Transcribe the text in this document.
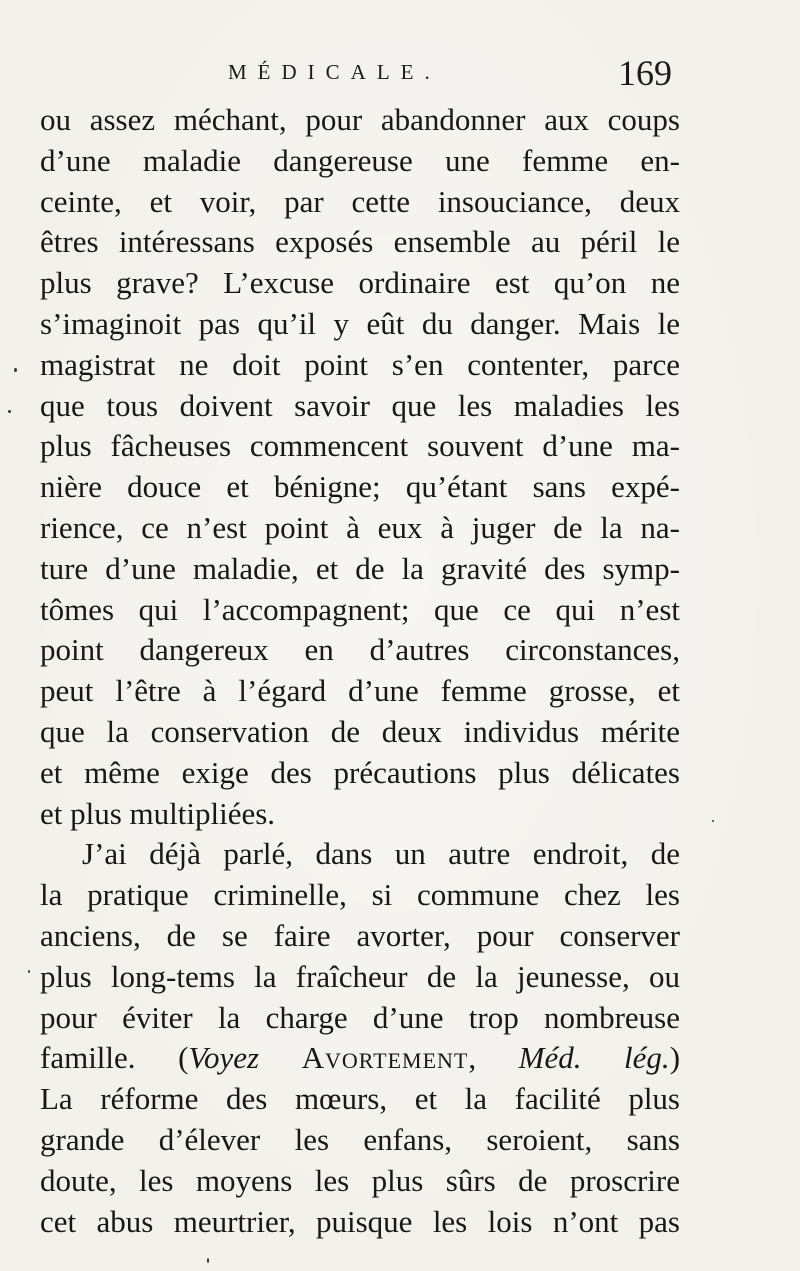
MÉDICALE.	169
ou assez méchant, pour abandonner aux coups
d’une maladie dangereuse une femme en-
ceinte, et voir, par cette insouciance, deux
êtres intéressans exposés ensemble au péril le
plus grave? L’excuse ordinaire est qu’on ne
s’imaginoit pas qu’il y eût du danger. Mais le
magistrat ne doit point s’en contenter, parce
que tous doivent savoir que les maladies les
plus fâcheuses commencent souvent d’une ma-
nière douce et bénigne; qu’étant sans expé-
rience, ce n’est point à eux à juger de la na-
ture d’une maladie, et de la gravité des symp-
tômes qui l’accompagnent; que ce qui n’est
point dangereux en d’autres circonstances,
peut l’être à l’égard d’une femme grosse, et
que la conservation de deux individus mérite
et même exige des précautions plus délicates
et plus multipliées.
J’ai déjà parlé, dans un autre endroit, de
la pratique criminelle, si commune chez les
anciens, de se faire avorter, pour conserver
plus long-tems la fraîcheur de la jeunesse, ou
pour éviter la charge d’une trop nombreuse
famille. (Voyez Avortement, Méd. lég.)
La réforme des mœurs, et la facilité plus
grande d’élever les enfans, seroient, sans
doute, les moyens les plus sûrs de proscrire
cet abus meurtrier, puisque les lois n’ont pas
